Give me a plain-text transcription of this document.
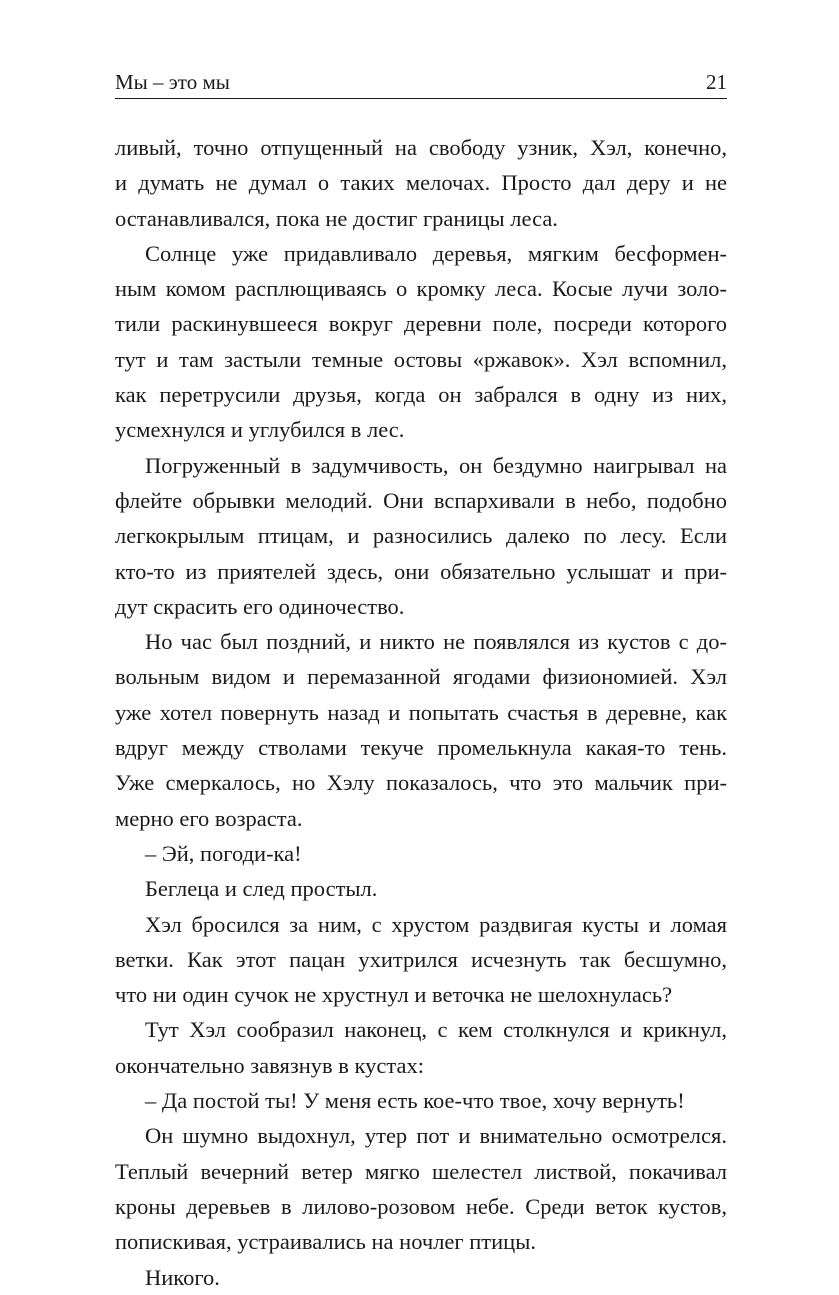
Мы – это мы	21
ливый, точно отпущенный на свободу узник, Хэл, конечно,
и думать не думал о таких мелочах. Просто дал деру и не
останавливался, пока не достиг границы леса.
Солнце уже придавливало деревья, мягким бесформен-
ным комом расплющиваясь о кромку леса. Косые лучи золо-
тили раскинувшееся вокруг деревни поле, посреди которого
тут и там застыли темные остовы «ржавок». Хэл вспомнил,
как перетрусили друзья, когда он забрался в одну из них,
усмехнулся и углубился в лес.
Погруженный в задумчивость, он бездумно наигрывал на
флейте обрывки мелодий. Они вспархивали в небо, подобно
легкокрылым птицам, и разносились далеко по лесу. Если
кто-то из приятелей здесь, они обязательно услышат и при-
дут скрасить его одиночество.
Но час был поздний, и никто не появлялся из кустов с до-
вольным видом и перемазанной ягодами физиономией. Хэл
уже хотел повернуть назад и попытать счастья в деревне, как
вдруг между стволами текуче промелькнула какая-то тень.
Уже смеркалось, но Хэлу показалось, что это мальчик при-
мерно его возраста.
– Эй, погоди-ка!
Беглеца и след простыл.
Хэл бросился за ним, с хрустом раздвигая кусты и ломая
ветки. Как этот пацан ухитрился исчезнуть так бесшумно,
что ни один сучок не хрустнул и веточка не шелохнулась?
Тут Хэл сообразил наконец, с кем столкнулся и крикнул,
окончательно завязнув в кустах:
– Да постой ты! У меня есть кое-что твое, хочу вернуть!
Он шумно выдохнул, утер пот и внимательно осмотрелся.
Теплый вечерний ветер мягко шелестел листвой, покачивал
кроны деревьев в лилово-розовом небе. Среди веток кустов,
попискивая, устраивались на ночлег птицы.
Никого.
